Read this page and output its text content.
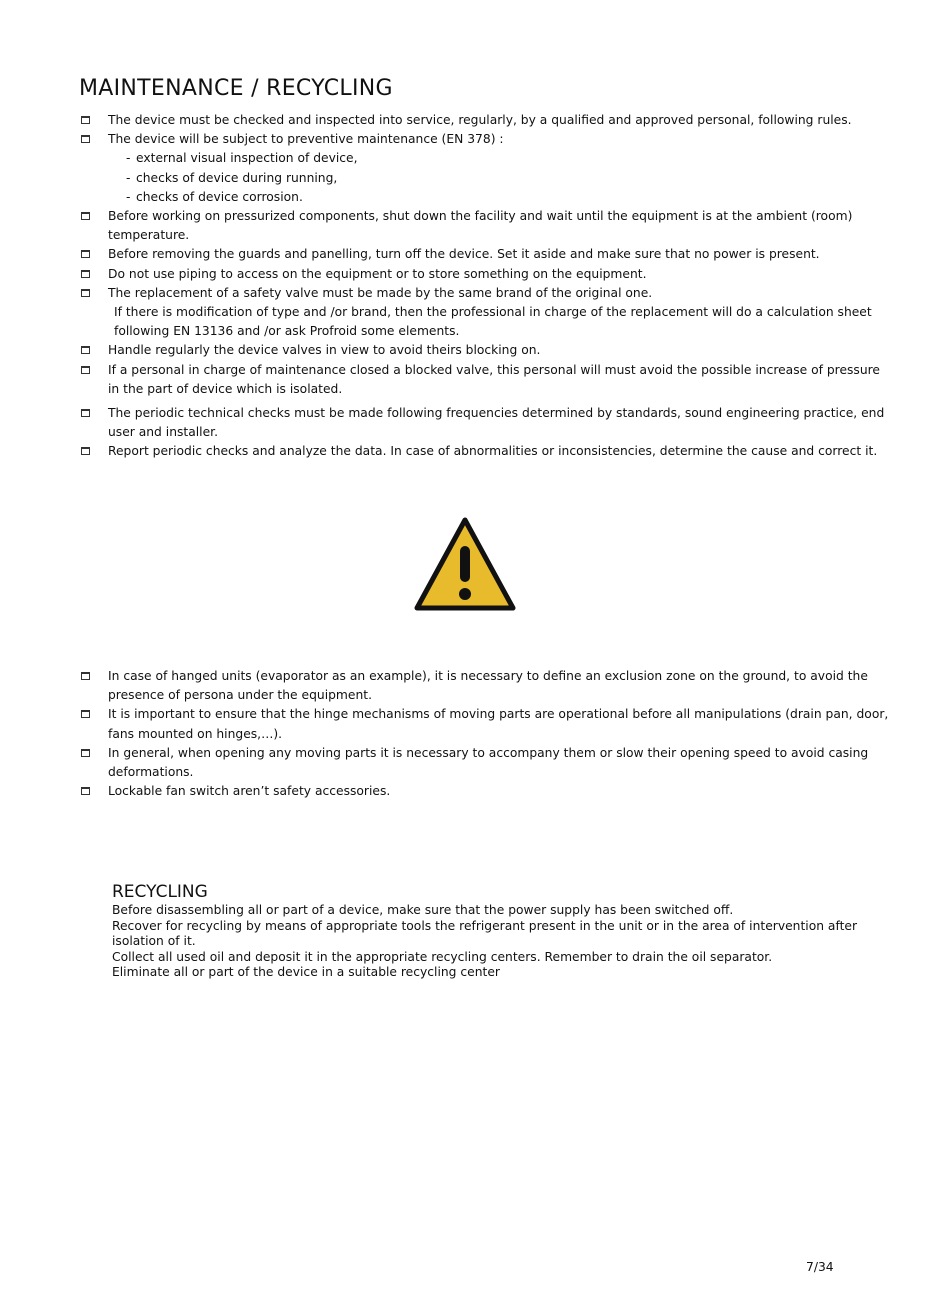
MAINTENANCE / RECYCLING
The device must be checked and inspected into service, regularly, by a qualified and approved personal, following rules.
The device will be subject to preventive maintenance (EN 378) :
- external visual inspection of device,
- checks of device during running,
- checks of device corrosion.
Before working on pressurized components, shut down the facility and wait until the equipment is at the ambient (room) temperature.
Before removing the guards and panelling, turn off the device. Set it aside and make sure that no power is present.
Do not use piping to access on the equipment or to store something on the equipment.
The replacement of a safety valve must be made by the same brand of the original one.
If there is modification of type and /or brand, then the professional in charge of the replacement will do a calculation sheet following EN 13136 and /or ask Profroid some elements.
Handle regularly the device valves in view to avoid theirs blocking on.
If a personal in charge of maintenance closed a blocked valve, this personal will must avoid the possible increase of pressure in the part of device which is isolated.
The periodic technical checks must be made following frequencies determined by standards, sound engineering practice, end user and installer.
Report periodic checks and analyze the data. In case of abnormalities or inconsistencies, determine the cause and correct it.
In case of hanged units (evaporator as an example), it is necessary to define an exclusion zone on the ground, to avoid the presence of persona under the equipment.
It is important to ensure that the hinge mechanisms of moving parts are operational before all manipulations (drain pan, door, fans mounted on hinges,…).
In general, when opening any moving parts it is necessary to accompany them or slow their opening speed to avoid casing deformations.
Lockable fan switch aren’t safety accessories.
RECYCLING

Before disassembling all or part of a device, make sure that the power supply has been switched off.

Recover for recycling by means of appropriate tools the refrigerant present in the unit or in the area of intervention after isolation of it.

Collect all used oil and deposit it in the appropriate recycling centers. Remember to drain the oil separator.

Eliminate all or part of the device in a suitable recycling center

7/34
